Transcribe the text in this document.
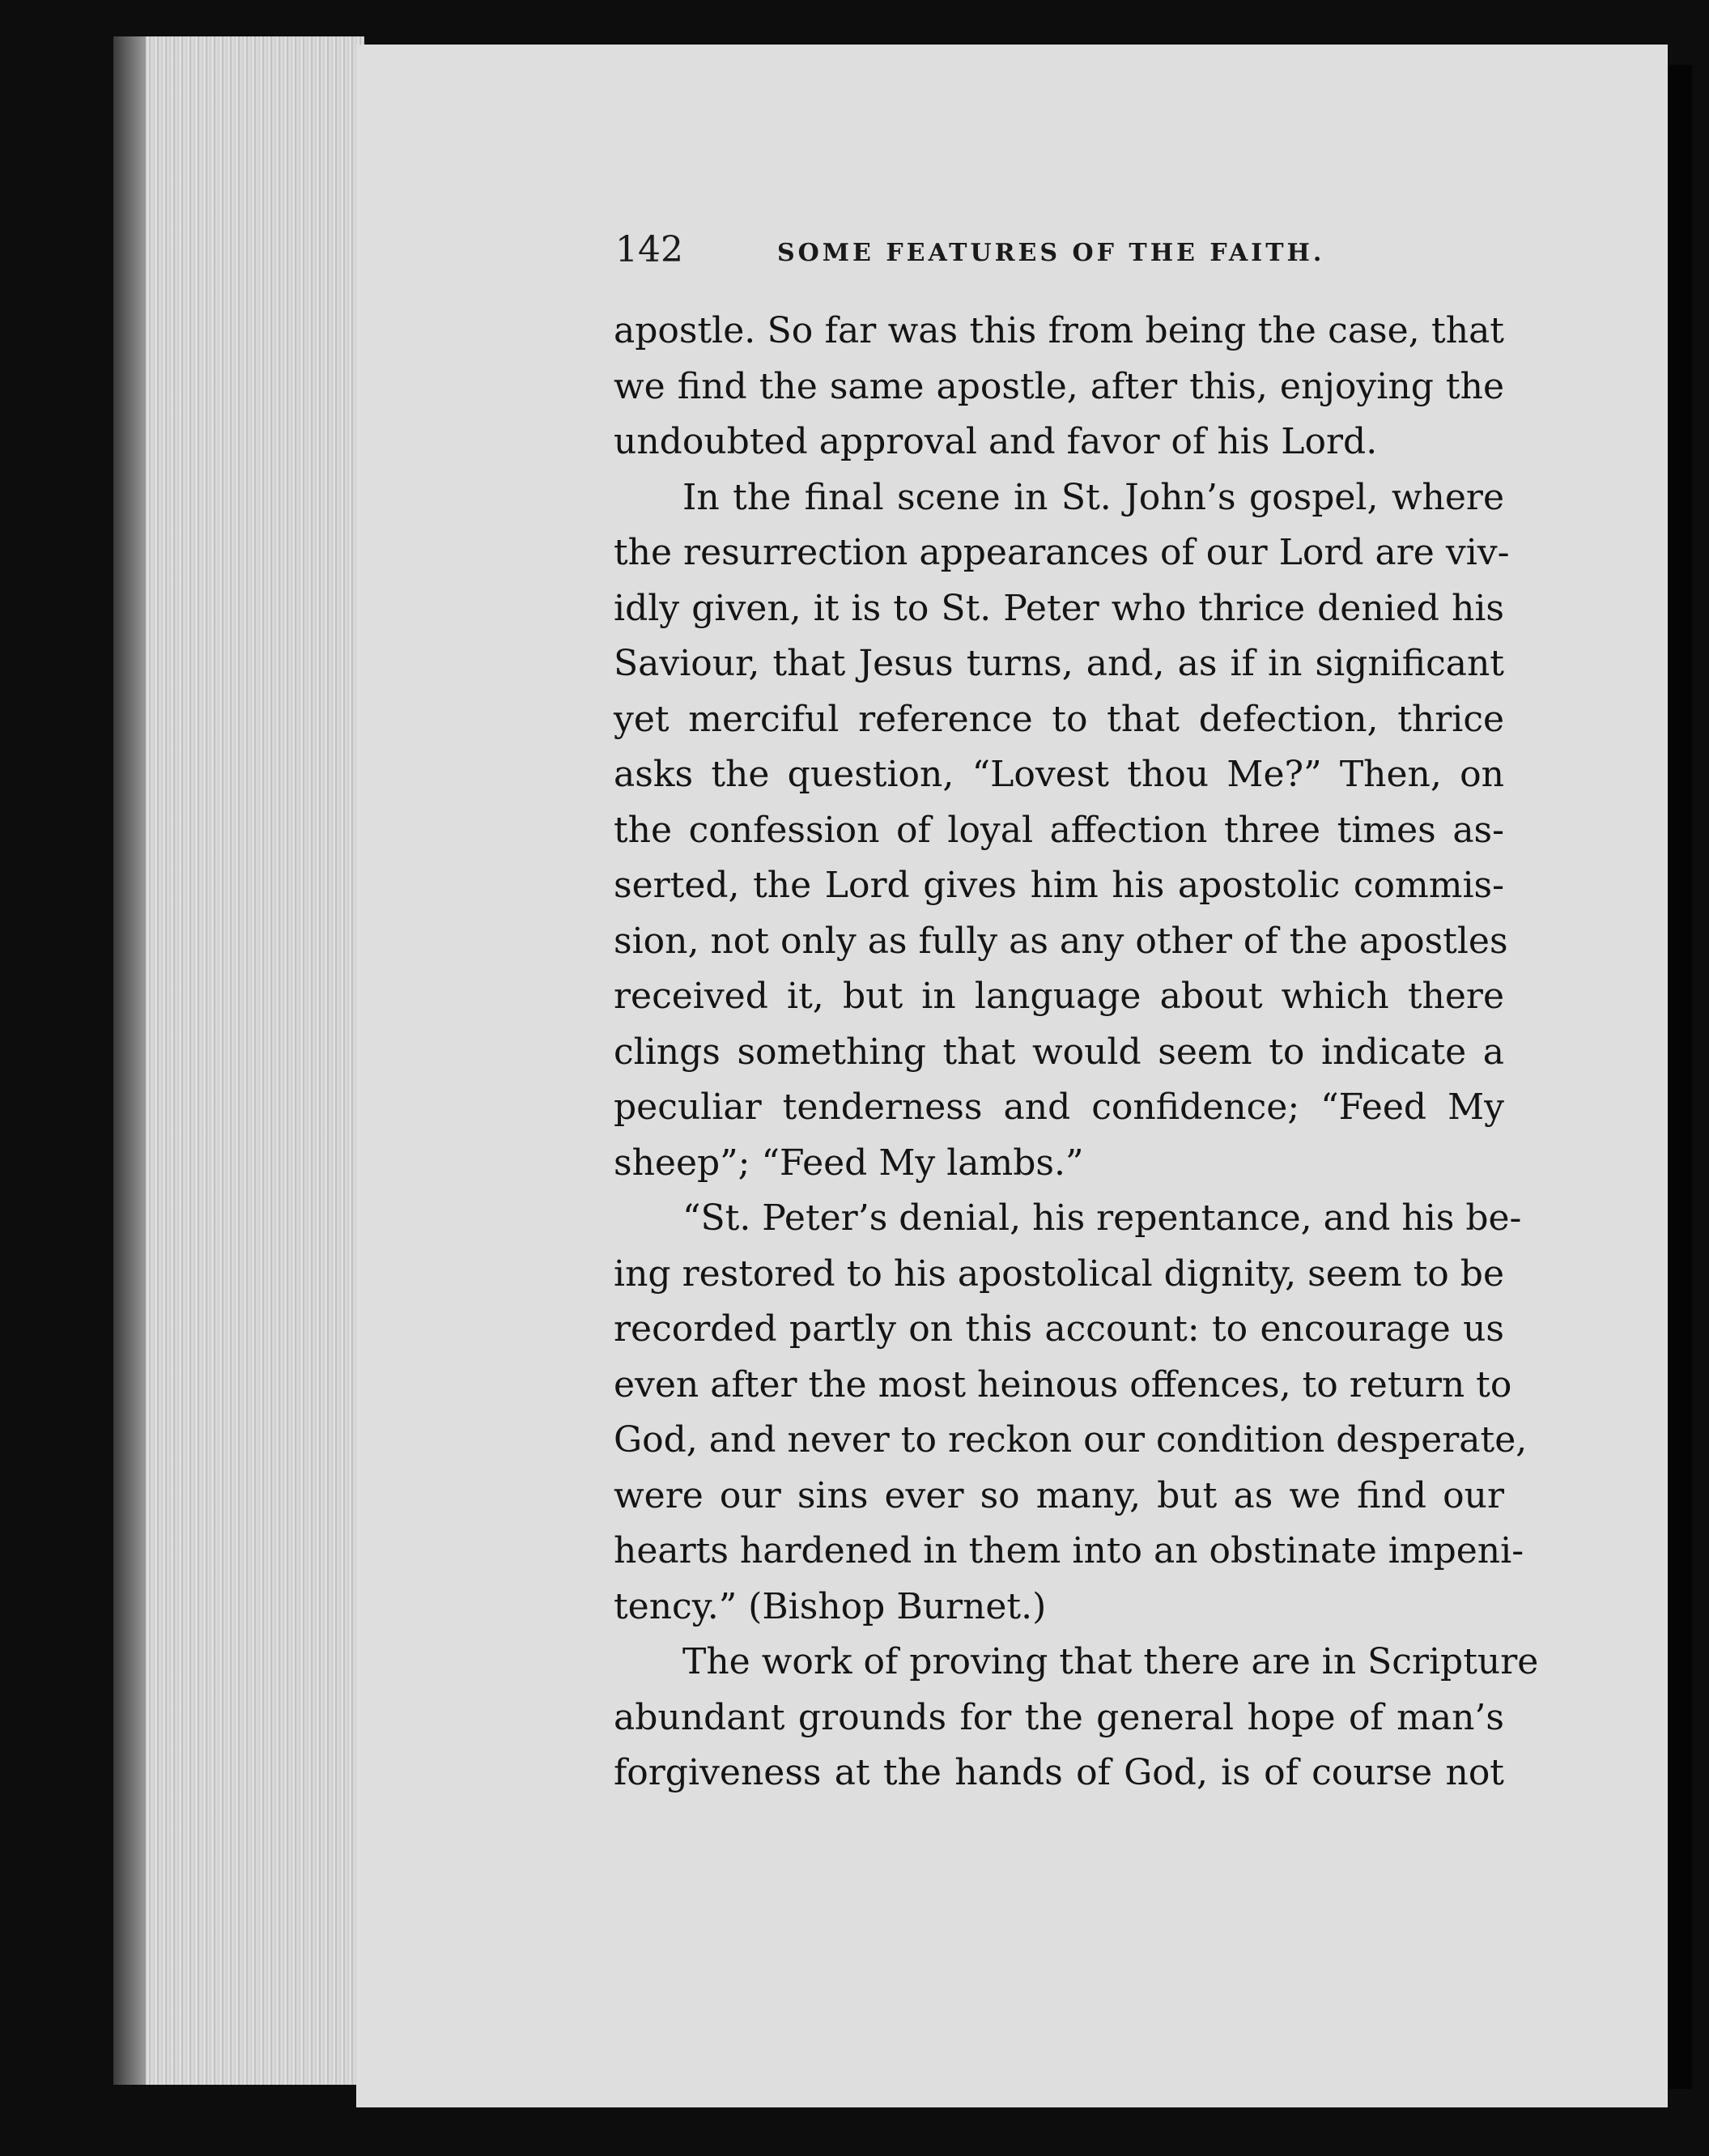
142	SOME FEATURES OF THE FAITH.
apostle. So far was this from being the case, that
we find the same apostle, after this, enjoying the
undoubted approval and favor of his Lord.
In the final scene in St. John’s gospel, where
the resurrection appearances of our Lord are viv-
idly given, it is to St. Peter who thrice denied his
Saviour, that Jesus turns, and, as if in significant
yet merciful reference to that defection, thrice
asks the question, “Lovest thou Me?” Then, on
the confession of loyal affection three times as-
serted, the Lord gives him his apostolic commis-
sion, not only as fully as any other of the apostles
received it, but in language about which there
clings something that would seem to indicate a
peculiar tenderness and confidence; “Feed My
sheep”; “Feed My lambs.”
“St. Peter’s denial, his repentance, and his be-
ing restored to his apostolical dignity, seem to be
recorded partly on this account: to encourage us
even after the most heinous offences, to return to
God, and never to reckon our condition desperate,
were our sins ever so many, but as we find our
hearts hardened in them into an obstinate impeni-
tency.” (Bishop Burnet.)
The work of proving that there are in Scripture
abundant grounds for the general hope of man’s
forgiveness at the hands of God, is of course not
